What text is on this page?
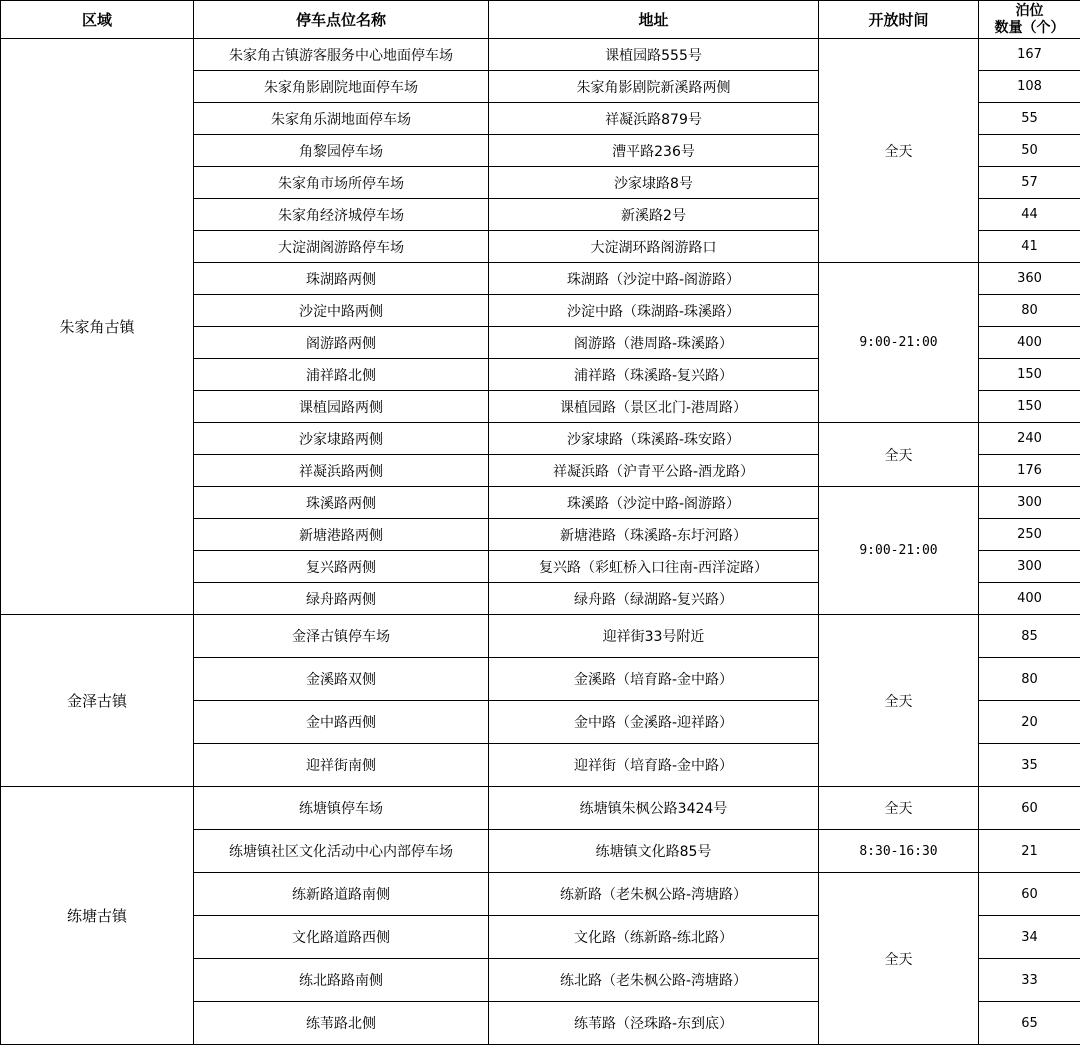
区域	停车点位名称	地址	开放时间	泊位
数量（个）
朱家角古镇	朱家角古镇游客服务中心地面停车场	课植园路555号	全天	167
	朱家角影剧院地面停车场	朱家角影剧院新溪路两侧		108
	朱家角乐湖地面停车场	祥凝浜路879号		55
	角黎园停车场	漕平路236号		50
	朱家角市场所停车场	沙家埭路8号		57
	朱家角经济城停车场	新溪路2号		44
	大淀湖阁游路停车场	大淀湖环路阁游路口		41
	珠湖路两侧	珠湖路（沙淀中路-阁游路）	9:00-21:00	360
	沙淀中路两侧	沙淀中路（珠湖路-珠溪路）		80
	阁游路两侧	阁游路（港周路-珠溪路）		400
	浦祥路北侧	浦祥路（珠溪路-复兴路）		150
	课植园路两侧	课植园路（景区北门-港周路）		150
	沙家埭路两侧	沙家埭路（珠溪路-珠安路）	全天	240
	祥凝浜路两侧	祥凝浜路（沪青平公路-酒龙路）		176
	珠溪路两侧	珠溪路（沙淀中路-阁游路）	9:00-21:00	300
	新塘港路两侧	新塘港路（珠溪路-东圩河路）		250
	复兴路两侧	复兴路（彩虹桥入口往南-西洋淀路）		300
	绿舟路两侧	绿舟路（绿湖路-复兴路）		400
金泽古镇	金泽古镇停车场	迎祥街33号附近	全天	85
	金溪路双侧	金溪路（培育路-金中路）		80
	金中路西侧	金中路（金溪路-迎祥路）		20
	迎祥街南侧	迎祥街（培育路-金中路）		35
练塘古镇	练塘镇停车场	练塘镇朱枫公路3424号	全天	60
	练塘镇社区文化活动中心内部停车场	练塘镇文化路85号	8:30-16:30	21
	练新路道路南侧	练新路（老朱枫公路-湾塘路）	全天	60
	文化路道路西侧	文化路（练新路-练北路）		34
	练北路路南侧	练北路（老朱枫公路-湾塘路）		33
	练苇路北侧	练苇路（泾珠路-东到底）		65
